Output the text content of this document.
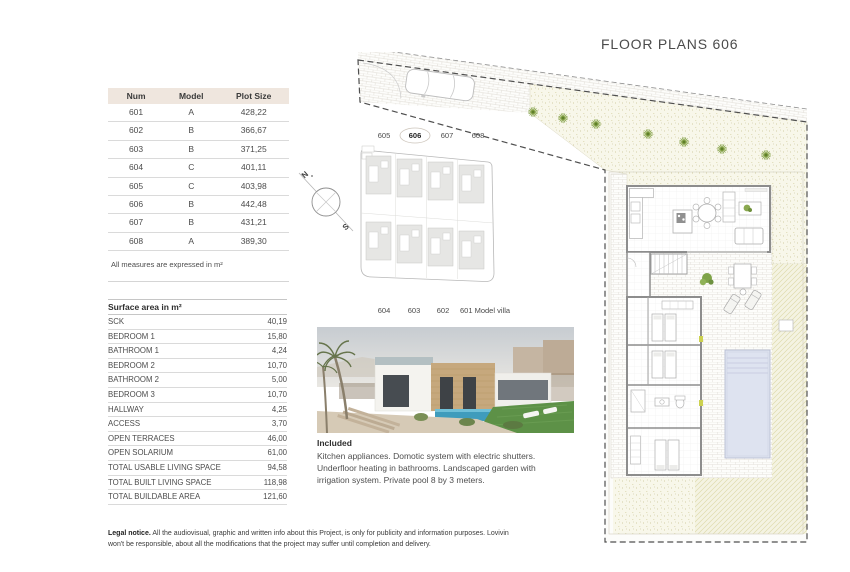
Num	Model	Plot Size
601	A	428,22
602	B	366,67
603	B	371,25
604	C	401,11
605	C	403,98
606	B	442,48
607	B	431,21
608	A	389,30
All measures are expressed in m²
Surface area in m²
SCK	40,19
BEDROOM 1	15,80
BATHROOM 1	4,24
BEDROOM 2	10,70
BATHROOM 2	5,00
BEDROOM 3	10,70
HALLWAY	4,25
ACCESS	3,70
OPEN TERRACES	46,00
OPEN SOLARIUM	61,00
TOTAL USABLE LIVING SPACE	94,58
TOTAL BUILT LIVING SPACE	118,98
TOTAL BUILDABLE AREA	121,60
Legal notice. All the audiovisual, graphic and written info about this Project, is only for publicity and information purposes. Lovivin won't be responsible, about all the modifications that the project may suffer until completion and delivery.
N
S
605 606	607 608
604 603 602 601 Model villa
Included

Kitchen appliances. Domotic system with electric shutters. Underfloor heating in bathrooms. Landscaped garden with irrigation system. Private pool 8 by 3 meters.

FLOOR PLANS 606
